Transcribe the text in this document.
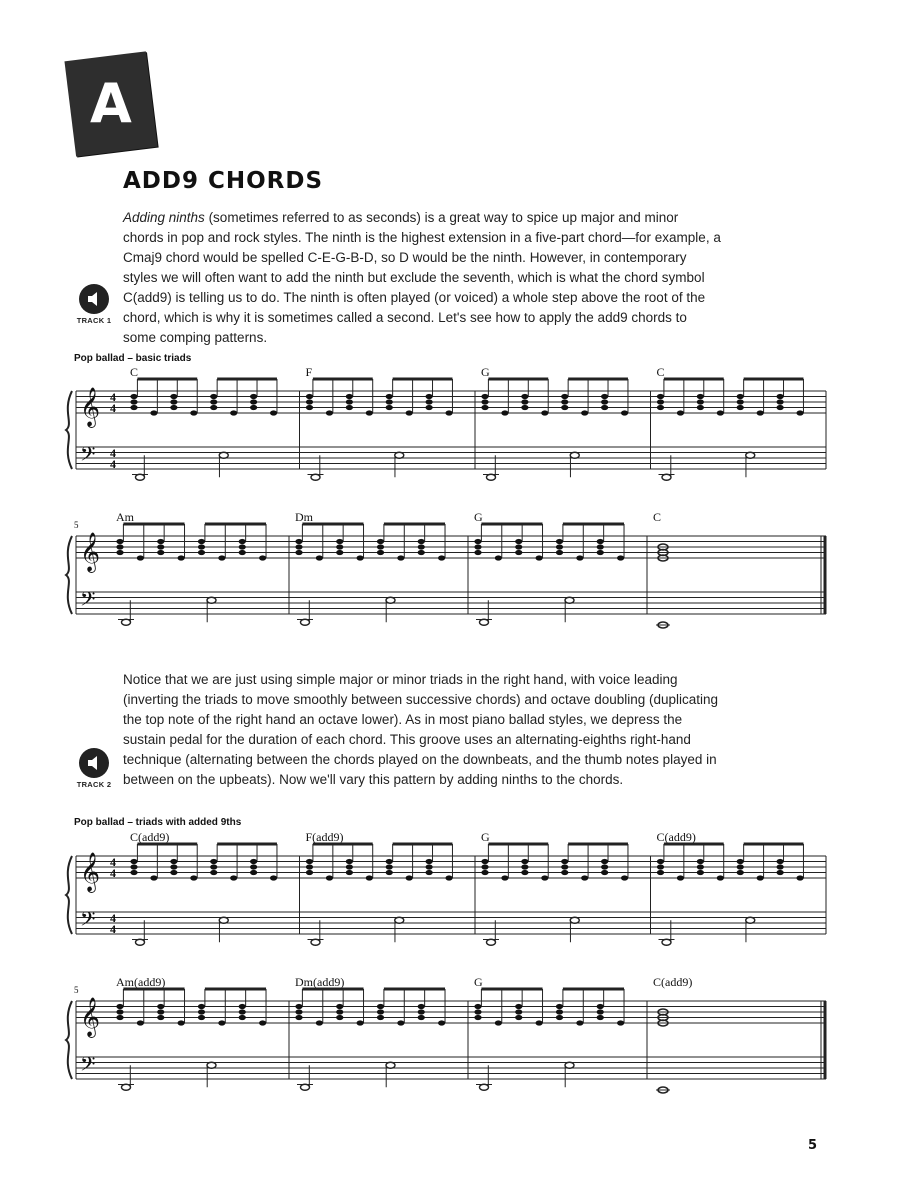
A
ADD9 CHORDS

Adding ninths (sometimes referred to as seconds) is a great way to spice up major and minor chords in pop and rock styles. The ninth is the highest extension in a five-part chord—for example, a Cmaj9 chord would be spelled C-E-G-B-D, so D would be the ninth. However, in contemporary styles we will often want to add the ninth but exclude the seventh, which is what the chord symbol C(add9) is telling us to do. The ninth is often played (or voiced) a whole step above the root of the chord, which is why it is sometimes called a second. Let's see how to apply the add9 chords to some comping patterns.

TRACK 1
Pop ballad – basic triads
𝄞
𝄢
4
4
4
4
C	F	G	C
𝄞
𝄢
Am	Dm	G	C
5

Notice that we are just using simple major or minor triads in the right hand, with voice leading (inverting the triads to move smoothly between successive chords) and octave doubling (duplicating the top note of the right hand an octave lower). As in most piano ballad styles, we depress the sustain pedal for the duration of each chord. This groove uses an alternating-eighths right-hand technique (alternating between the chords played on the downbeats, and the thumb notes played in between on the upbeats). Now we'll vary this pattern by adding ninths to the chords.

TRACK 2
Pop ballad – triads with added 9ths
𝄞
𝄢
4
4
4
4
C(add9)	F(add9)	G	C(add9)
𝄞
𝄢
Am(add9)	Dm(add9)	G	C(add9)
5

5
